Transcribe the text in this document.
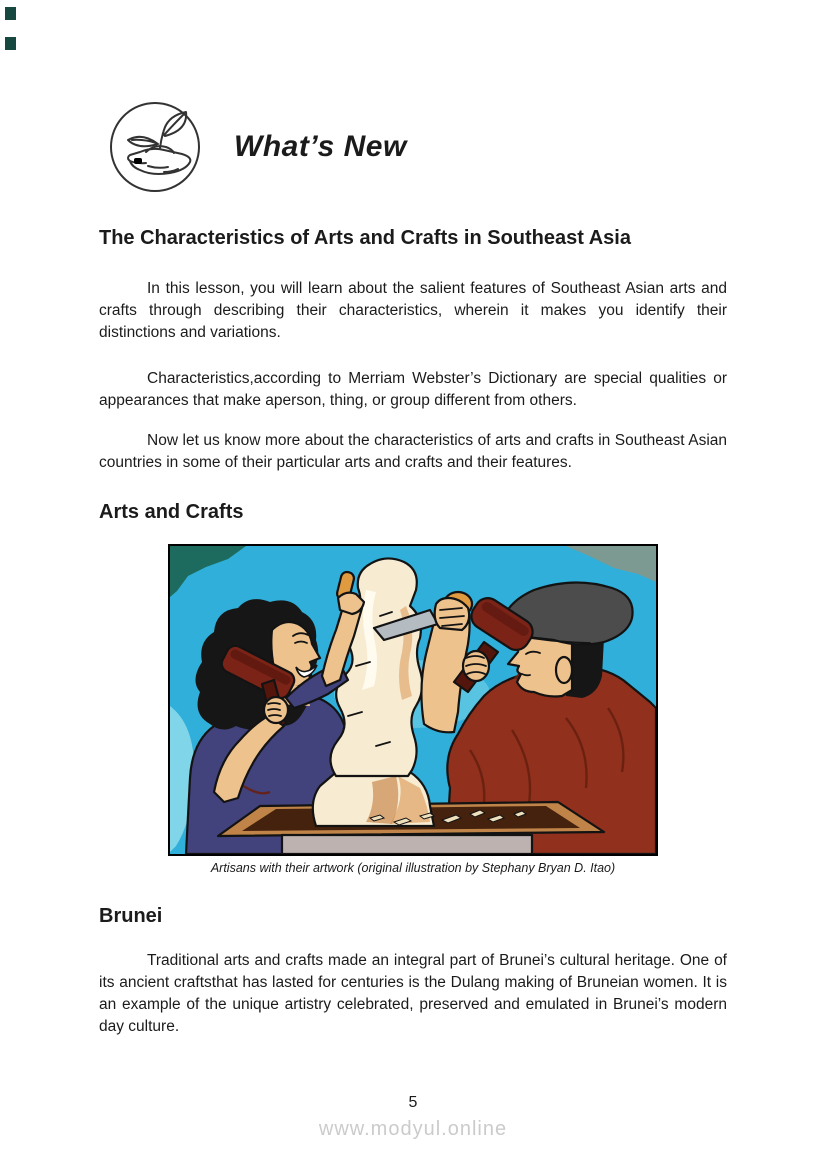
What’s New
The Characteristics of Arts and Crafts in Southeast Asia

In this lesson, you will learn about the salient features of Southeast Asian arts and crafts through describing their characteristics, wherein it makes you identify their distinctions and variations.

Characteristics,according to Merriam Webster’s Dictionary are special qualities or appearances that make aperson, thing, or group different from others.

Now let us know more about the characteristics of arts and crafts in Southeast Asian countries in some of their particular arts and crafts and their features.

Arts and Crafts
Artisans with their artwork (original illustration by Stephany Bryan D. Itao)
Brunei

Traditional arts and crafts made an integral part of Brunei’s cultural heritage. One of its ancient craftsthat has lasted for centuries is the Dulang making of Bruneian women. It is an example of the unique artistry celebrated, preserved and emulated in Brunei’s modern day culture.

5
www.modyul.online
